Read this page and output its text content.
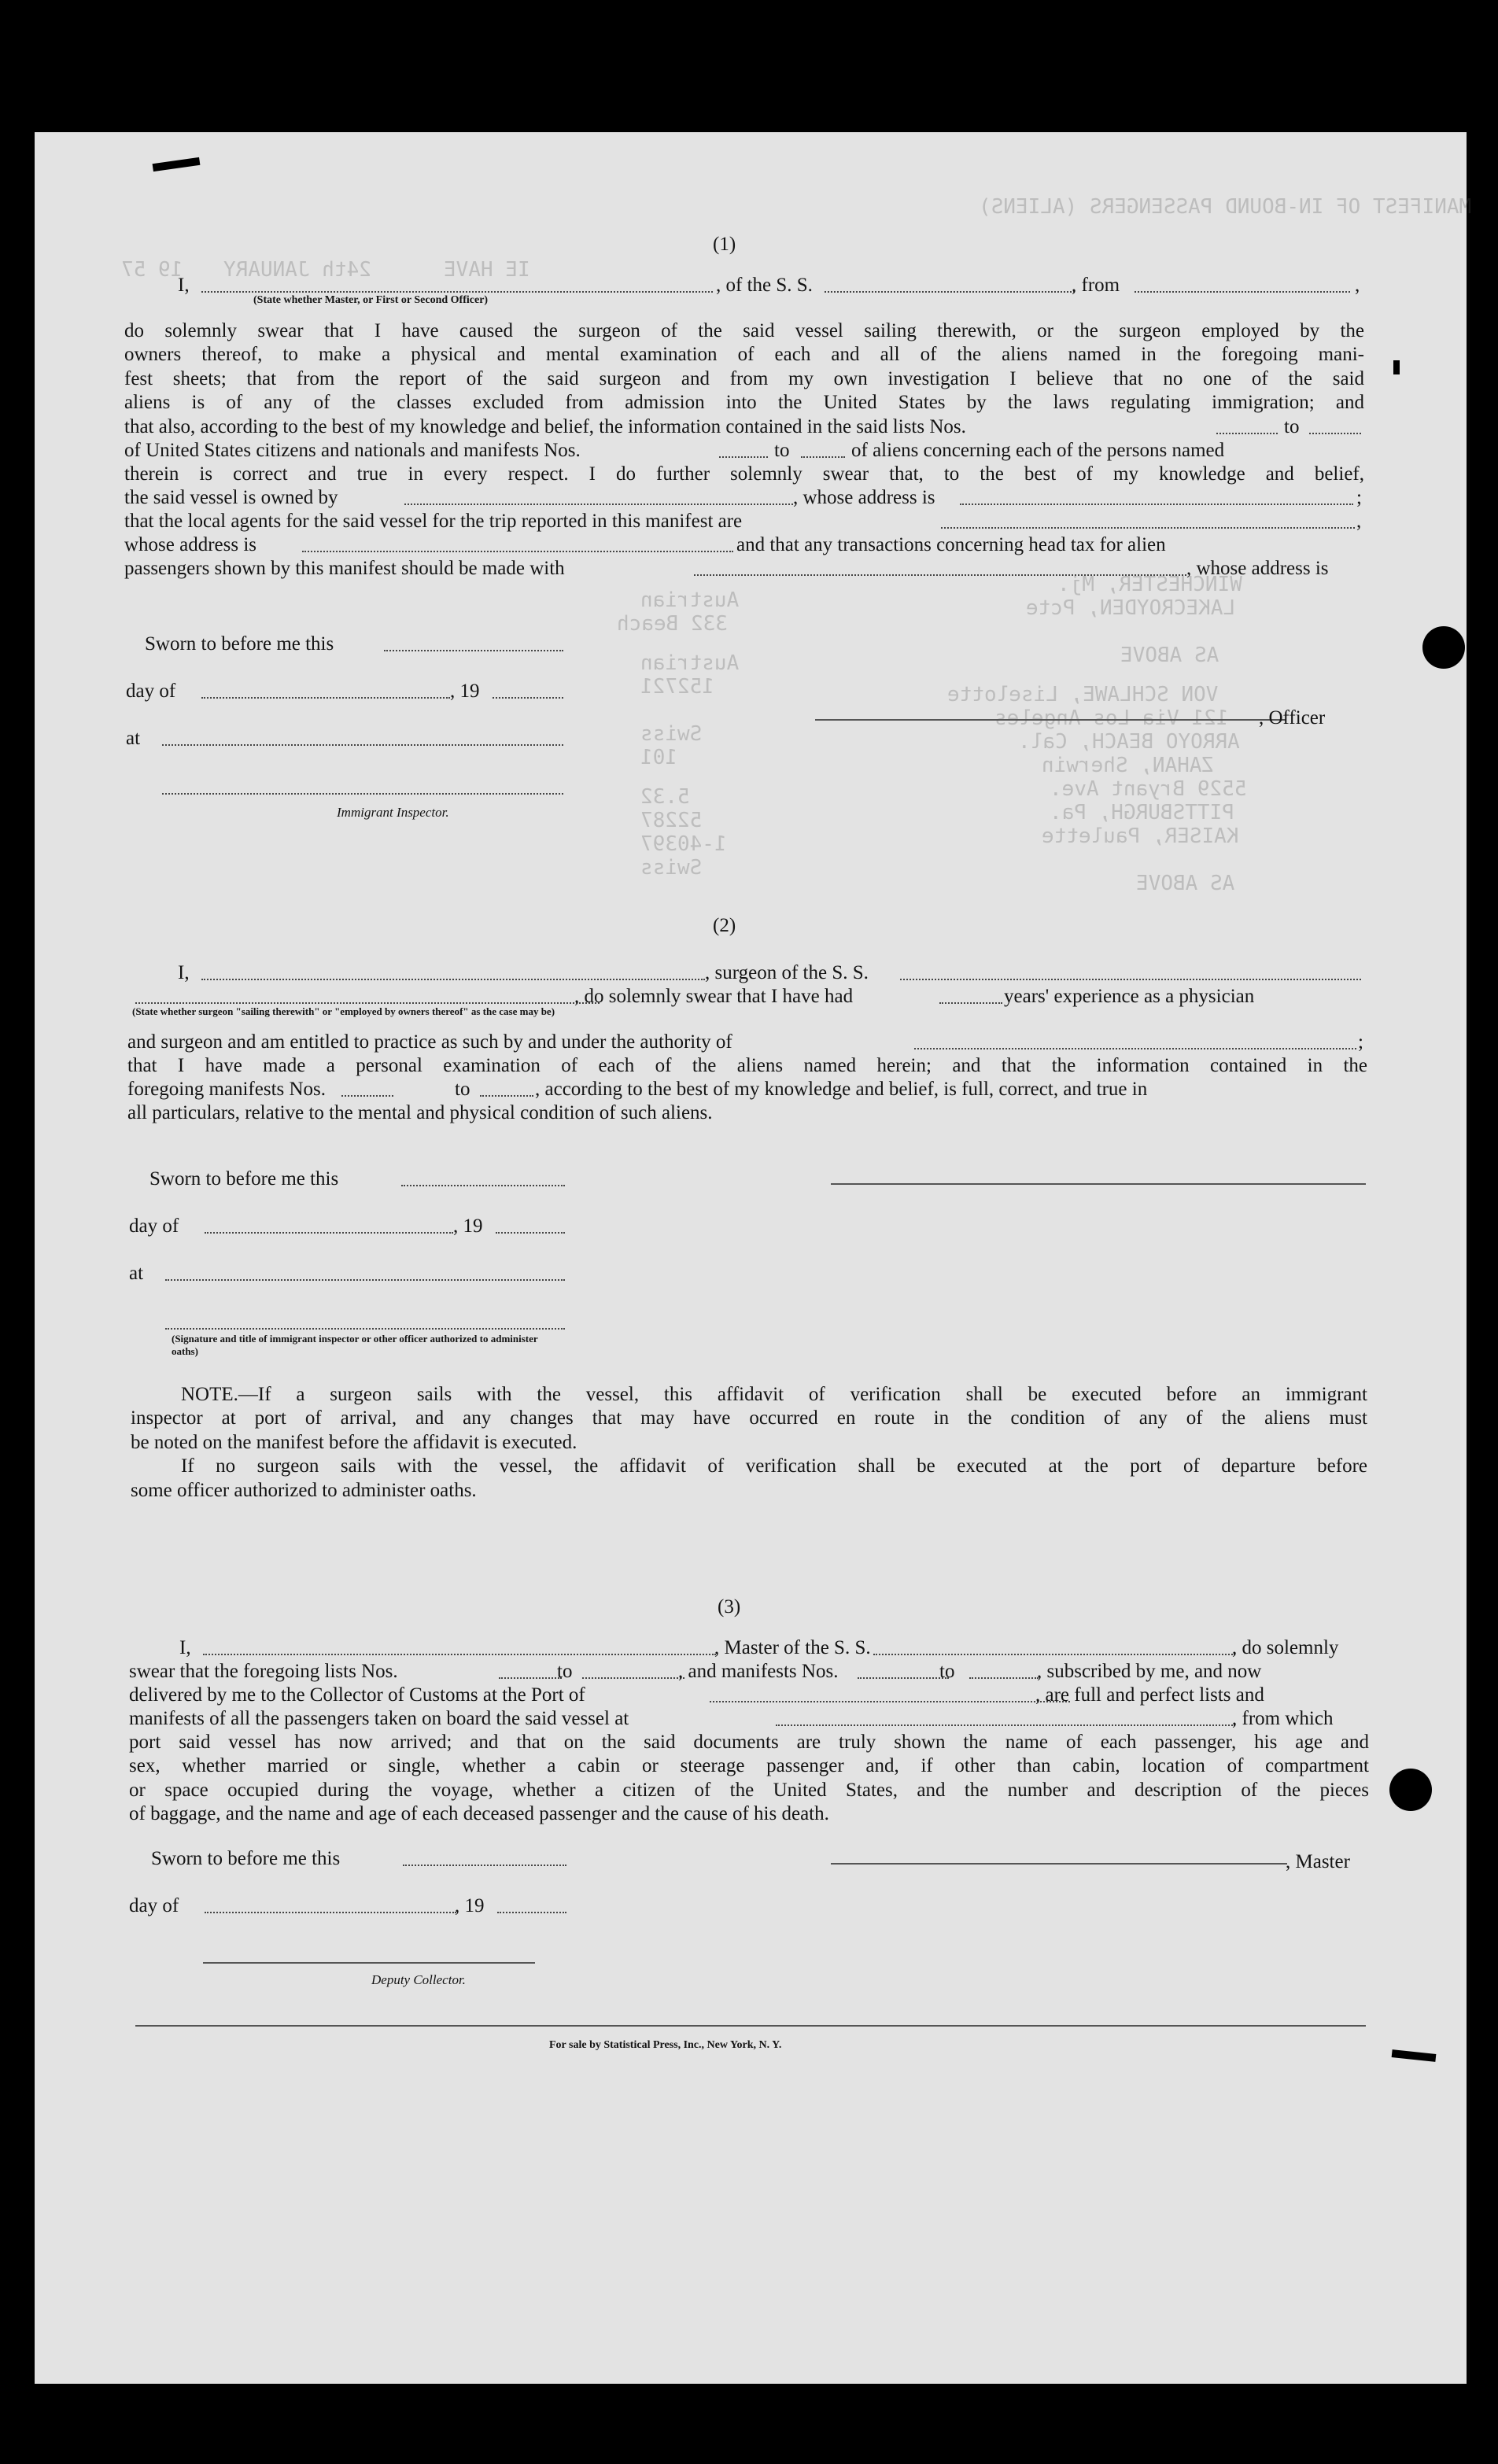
MANIFEST OF IN-BOUND PASSENGERS (ALIENS)
19 57 24th JANUARY	IE HAVE
Swiss
1-40397
52287
5.32
101
Swiss
152721
Austrian
332 Beach
Austrian
AS ABOVE
KAISER, Paulette
PITTSBURGH, Pa.
5529 Bryant Ave.
ZAHAN, Sherwin
ARROYO BEACH, Cal.
121 Via Los Angeles
VON SCHLAWE, Liselotte
AS ABOVE
LAKECROYDEN, Pcte
WINCHESTER, Mj.
(1)
I,	, of the S. S.	, from	,
(State whether Master, or First or Second Officer)
do solemnly swear that I have caused the surgeon of the said vessel sailing therewith, or the surgeon employed by the
owners thereof, to make a physical and mental examination of each and all of the aliens named in the foregoing mani-
fest sheets; that from the report of the said surgeon and from my own investigation I believe that no one of the said
aliens is of any of the classes excluded from admission into the United States by the laws regulating immigration; and
that also, according to the best of my knowledge and belief, the information contained in the said lists Nos.	to
of United States citizens and nationals and manifests Nos.	to	of aliens concerning each of the persons named
therein is correct and true in every respect. I do further solemnly swear that, to the best of my knowledge and belief,
the said vessel is owned by	, whose address is	;
that the local agents for the said vessel for the trip reported in this manifest are	,
whose address is	and that any transactions concerning head tax for alien
passengers shown by this manifest should be made with	, whose address is
Sworn to before me this
day of	, 19
at
Immigrant Inspector.
, Officer
(2)
I,	, surgeon of the S. S.
, do solemnly swear that I have had	years' experience as a physician
(State whether surgeon "sailing therewith" or "employed by owners thereof" as the case may be)
and surgeon and am entitled to practice as such by and under the authority of	;
that I have made a personal examination of each of the aliens named herein; and that the information contained in the
foregoing manifests Nos.	to	, according to the best of my knowledge and belief, is full, correct, and true in
all particulars, relative to the mental and physical condition of such aliens.
Sworn to before me this
day of	, 19
at
(Signature and title of immigrant inspector or other officer authorized to administer oaths)
NOTE.—If a surgeon sails with the vessel, this affidavit of verification shall be executed before an immigrant
inspector at port of arrival, and any changes that may have occurred en route in the condition of any of the aliens must
be noted on the manifest before the affidavit is executed.
If no surgeon sails with the vessel, the affidavit of verification shall be executed at the port of departure before
some officer authorized to administer oaths.
(3)
I,	, Master of the S. S.	, do solemnly
swear that the foregoing lists Nos.	to	, and manifests Nos.	to	, subscribed by me, and now
delivered by me to the Collector of Customs at the Port of	, are full and perfect lists and
manifests of all the passengers taken on board the said vessel at	, from which
port said vessel has now arrived; and that on the said documents are truly shown the name of each passenger, his age and
sex, whether married or single, whether a cabin or steerage passenger and, if other than cabin, location of compartment
or space occupied during the voyage, whether a citizen of the United States, and the number and description of the pieces
of baggage, and the name and age of each deceased passenger and the cause of his death.
Sworn to before me this	, Master
day of	, 19
Deputy Collector.
For sale by Statistical Press, Inc., New York, N. Y.
